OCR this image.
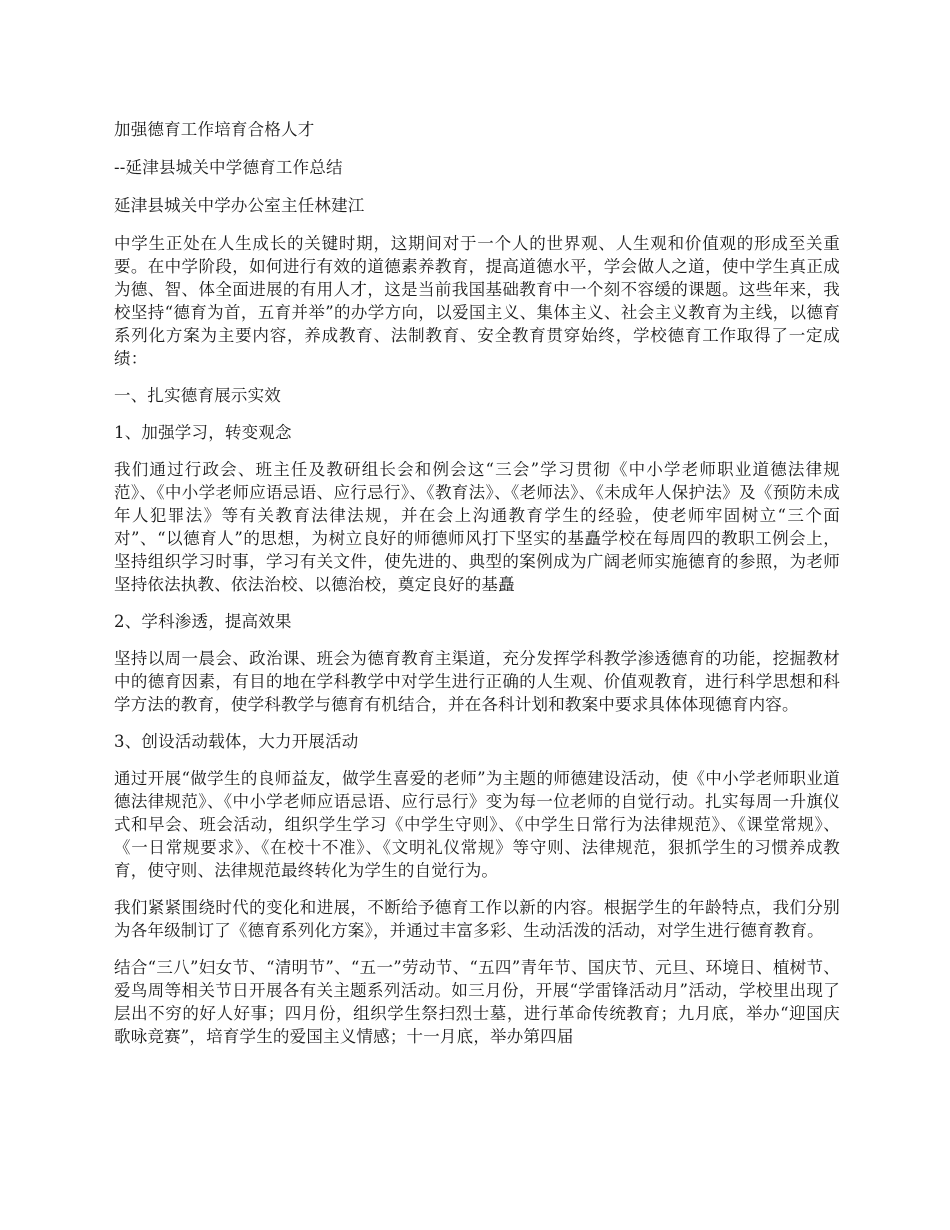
加强德育工作培育合格人才

--延津县城关中学德育工作总结

延津县城关中学办公室主任林建江

中学生正处在人生成长的关键时期，这期间对于一个人的世界观、人生观和价值观的形成至关重要。在中学阶段，如何进行有效的道德素养教育，提高道德水平，学会做人之道，使中学生真正成为德、智、体全面进展的有用人才，这是当前我国基础教育中一个刻不容缓的课题。这些年来，我校坚持“德育为首，五育并举”的办学方向，以爱国主义、集体主义、社会主义教育为主线，以德育系列化方案为主要内容，养成教育、法制教育、安全教育贯穿始终，学校德育工作取得了一定成绩：

一、扎实德育展示实效

1、加强学习，转变观念

我们通过行政会、班主任及教研组长会和例会这“三会”学习贯彻《中小学老师职业道德法律规范》、《中小学老师应语忌语、应行忌行》、《教育法》、《老师法》、《未成年人保护法》及《预防未成年人犯罪法》等有关教育法律法规，并在会上沟通教育学生的经验，使老师牢固树立“三个面对”、“以德育人”的思想，为树立良好的师德师风打下坚实的基矗学校在每周四的教职工例会上，坚持组织学习时事，学习有关文件，使先进的、典型的案例成为广阔老师实施德育的参照，为老师坚持依法执教、依法治校、以德治校，奠定良好的基矗

2、学科渗透，提高效果

坚持以周一晨会、政治课、班会为德育教育主渠道，充分发挥学科教学渗透德育的功能，挖掘教材中的德育因素，有目的地在学科教学中对学生进行正确的人生观、价值观教育，进行科学思想和科学方法的教育，使学科教学与德育有机结合，并在各科计划和教案中要求具体体现德育内容。

3、创设活动载体，大力开展活动

通过开展“做学生的良师益友，做学生喜爱的老师”为主题的师德建设活动，使《中小学老师职业道德法律规范》、《中小学老师应语忌语、应行忌行》变为每一位老师的自觉行动。扎实每周一升旗仪式和早会、班会活动，组织学生学习《中学生守则》、《中学生日常行为法律规范》、《课堂常规》、《一日常规要求》、《在校十不准》、《文明礼仪常规》等守则、法律规范，狠抓学生的习惯养成教育，使守则、法律规范最终转化为学生的自觉行为。

我们紧紧围绕时代的变化和进展，不断给予德育工作以新的内容。根据学生的年龄特点，我们分别为各年级制订了《德育系列化方案》，并通过丰富多彩、生动活泼的活动，对学生进行德育教育。

结合“三八”妇女节、“清明节”、“五一”劳动节、“五四”青年节、国庆节、元旦、环境日、植树节、爱鸟周等相关节日开展各有关主题系列活动。如三月份，开展“学雷锋活动月”活动，学校里出现了层出不穷的好人好事；四月份，组织学生祭扫烈士墓，进行革命传统教育；九月底，举办“迎国庆歌咏竞赛”，培育学生的爱国主义情感；十一月底，举办第四届
